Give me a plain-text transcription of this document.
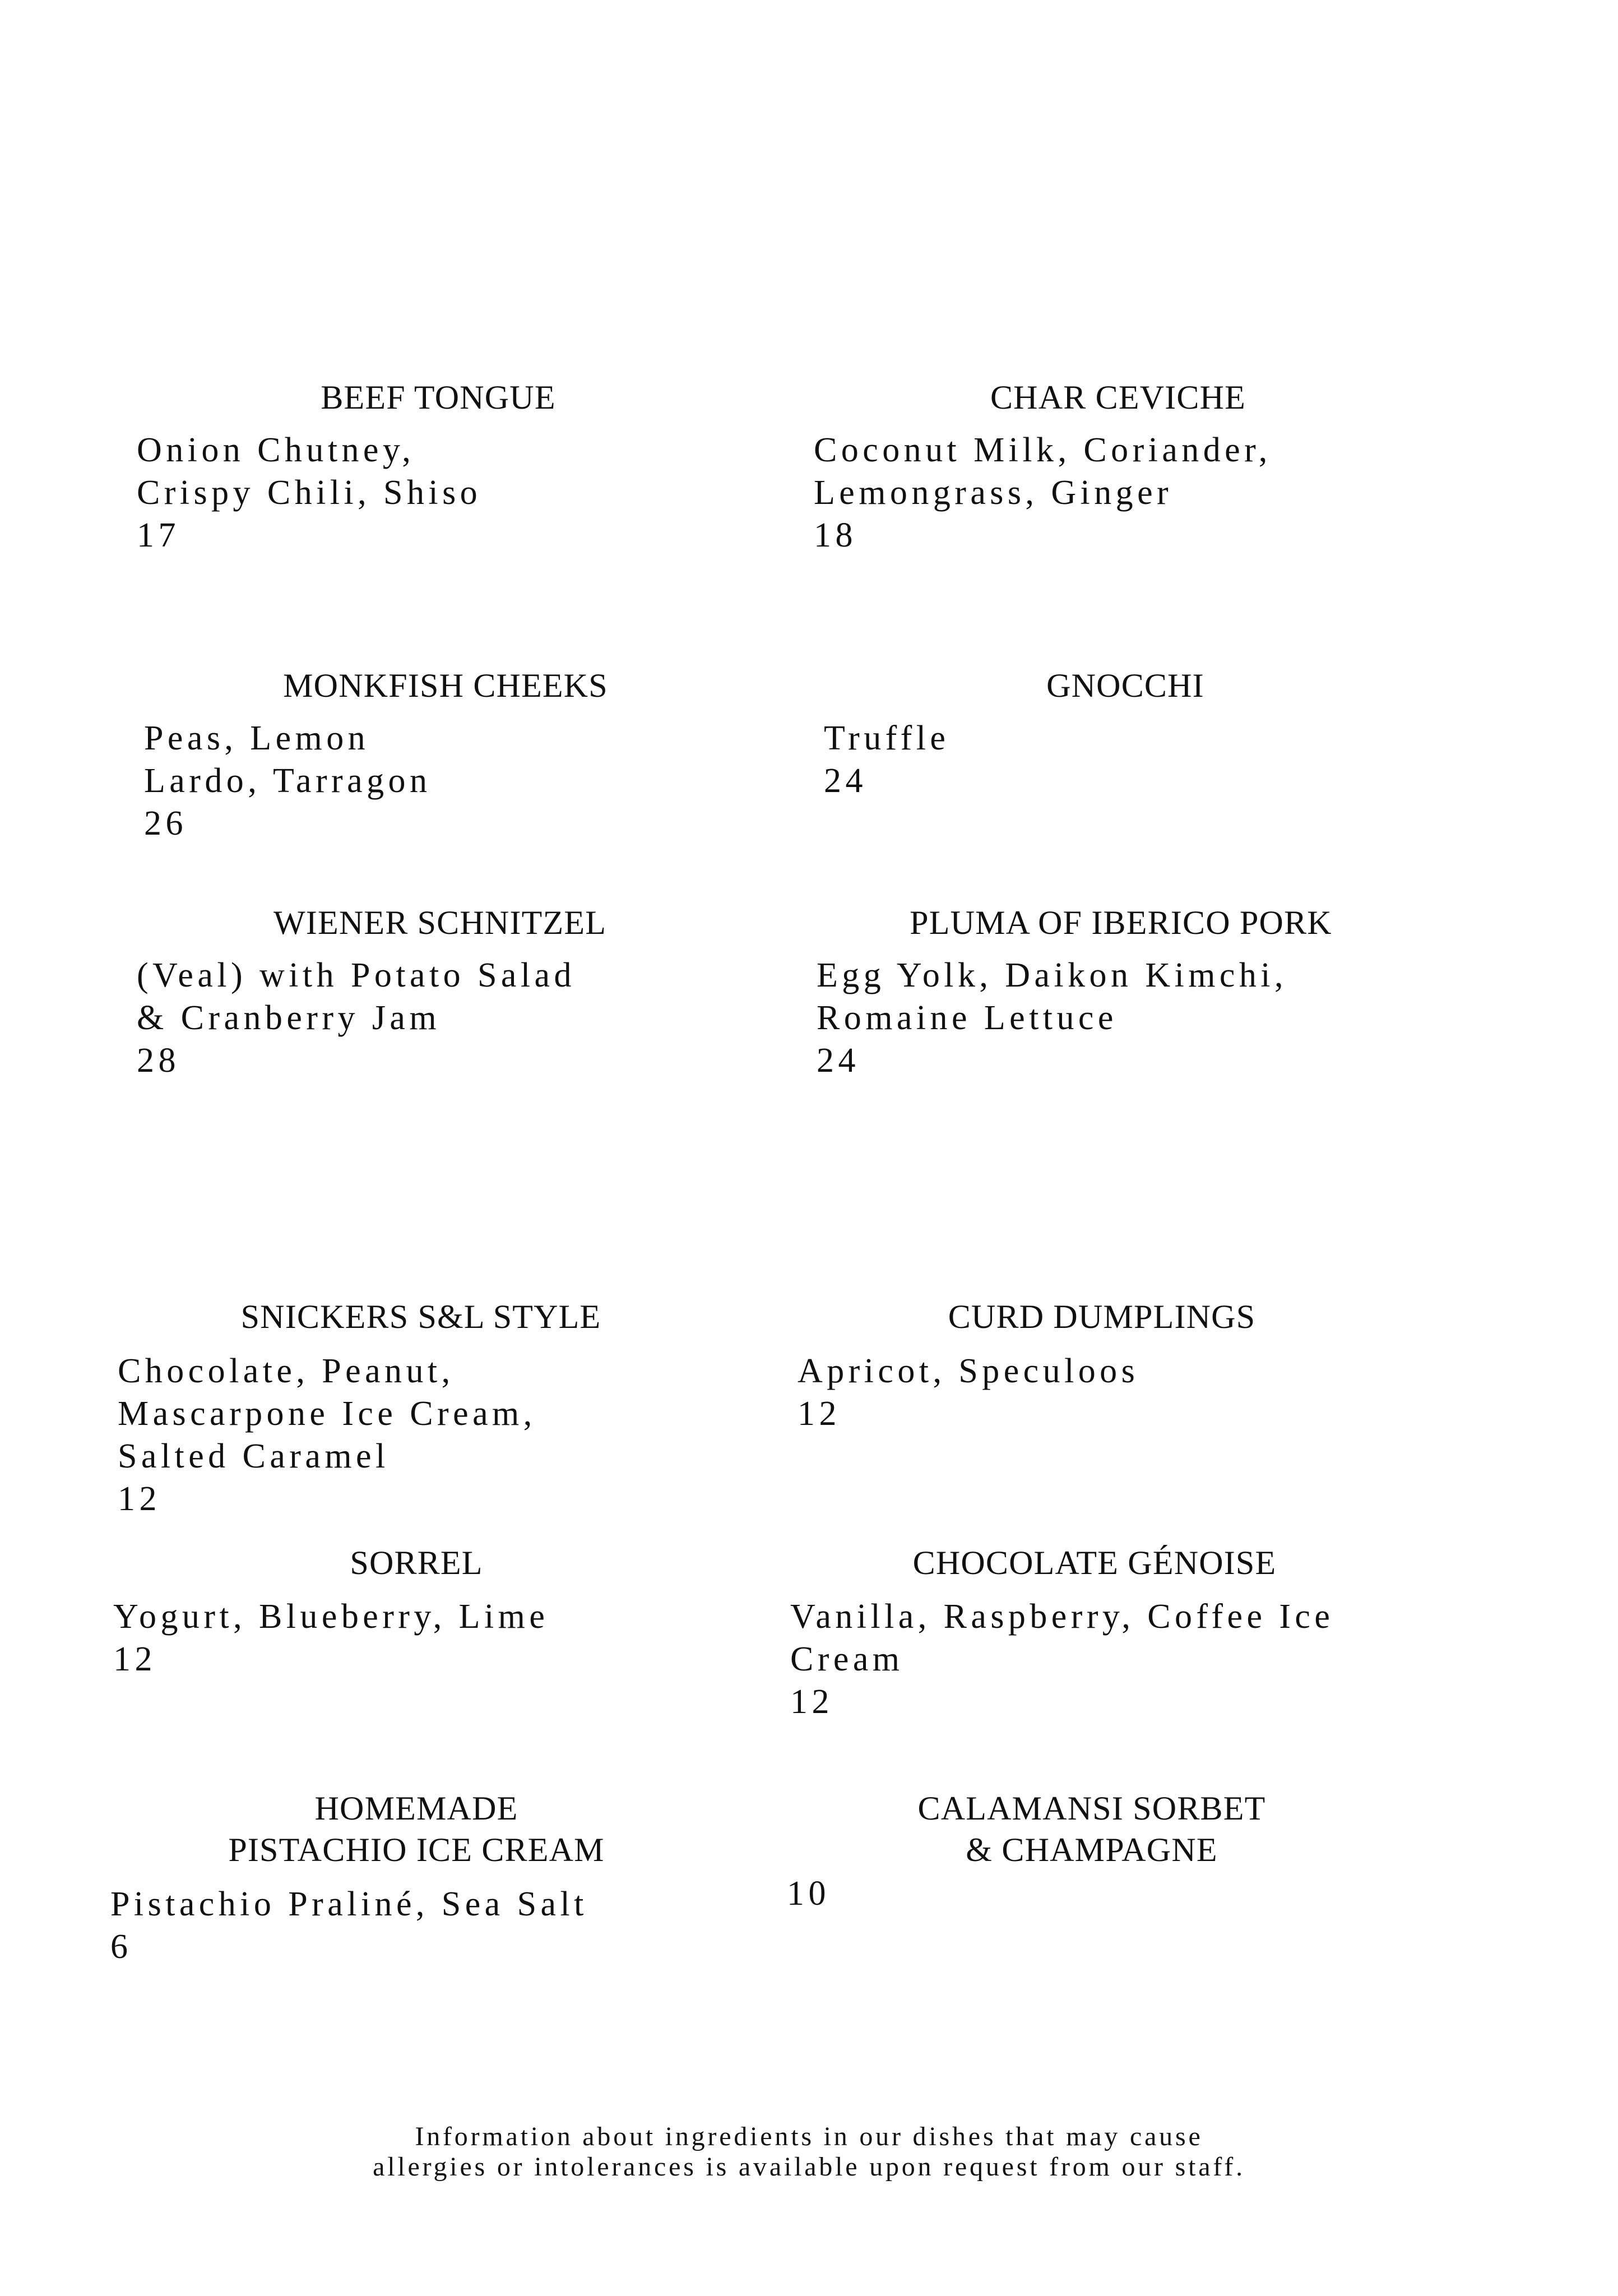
BEEF TONGUE
Onion Chutney,
Crispy Chili, Shiso
17
CHAR CEVICHE
Coconut Milk, Coriander,
Lemongrass, Ginger
18
MONKFISH CHEEKS
Peas, Lemon
Lardo, Tarragon
26
GNOCCHI
Truffle
24
WIENER SCHNITZEL
(Veal) with Potato Salad
& Cranberry Jam
28
PLUMA OF IBERICO PORK
Egg Yolk, Daikon Kimchi,
Romaine Lettuce
24
SNICKERS S&L STYLE
Chocolate, Peanut,
Mascarpone Ice Cream,
Salted Caramel
12
CURD DUMPLINGS
Apricot, Speculoos
12
SORREL
Yogurt, Blueberry, Lime
12
CHOCOLATE GÉNOISE
Vanilla, Raspberry, Coffee Ice
Cream
12
HOMEMADE
PISTACHIO ICE CREAM
Pistachio Praliné, Sea Salt
6
CALAMANSI SORBET
& CHAMPAGNE
10
Information about ingredients in our dishes that may cause
allergies or intolerances is available upon request from our staff.
